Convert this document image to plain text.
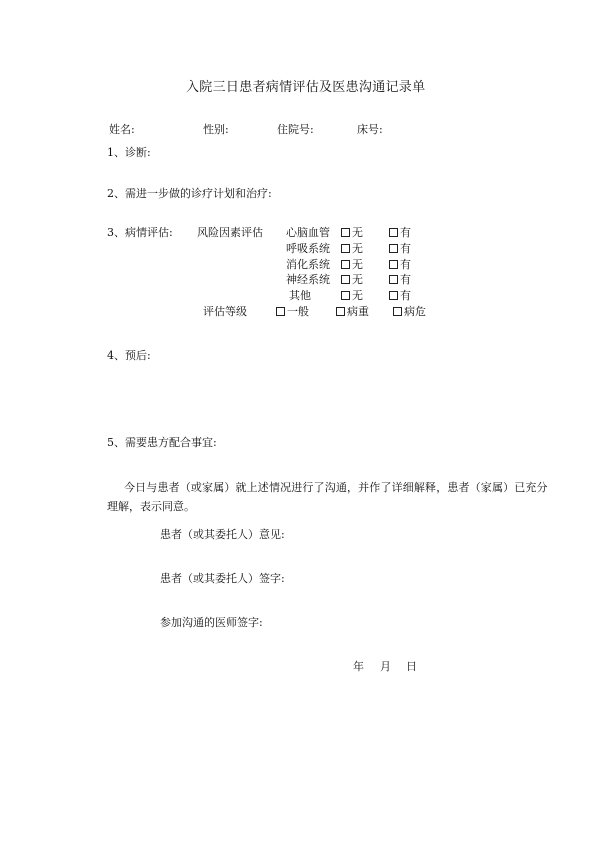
入院三日患者病情评估及医患沟通记录单
姓名:	性别:	住院号:	床号:
1、诊断:
2、需进一步做的诊疗计划和治疗:
3、病情评估: 风险因素评估 心脑血管	无	有
呼吸系统	无	有
消化系统	无	有
神经系统	无	有
其他	无	有
评估等级	一般	病重	病危
4、预后:
5、需要患方配合事宜:
今日与患者（或家属）就上述情况进行了沟通，并作了详细解释，患者（家属）已充分
理解，表示同意。
患者（或其委托人）意见:
患者（或其委托人）签字:
参加沟通的医师签字:
年 月 日
